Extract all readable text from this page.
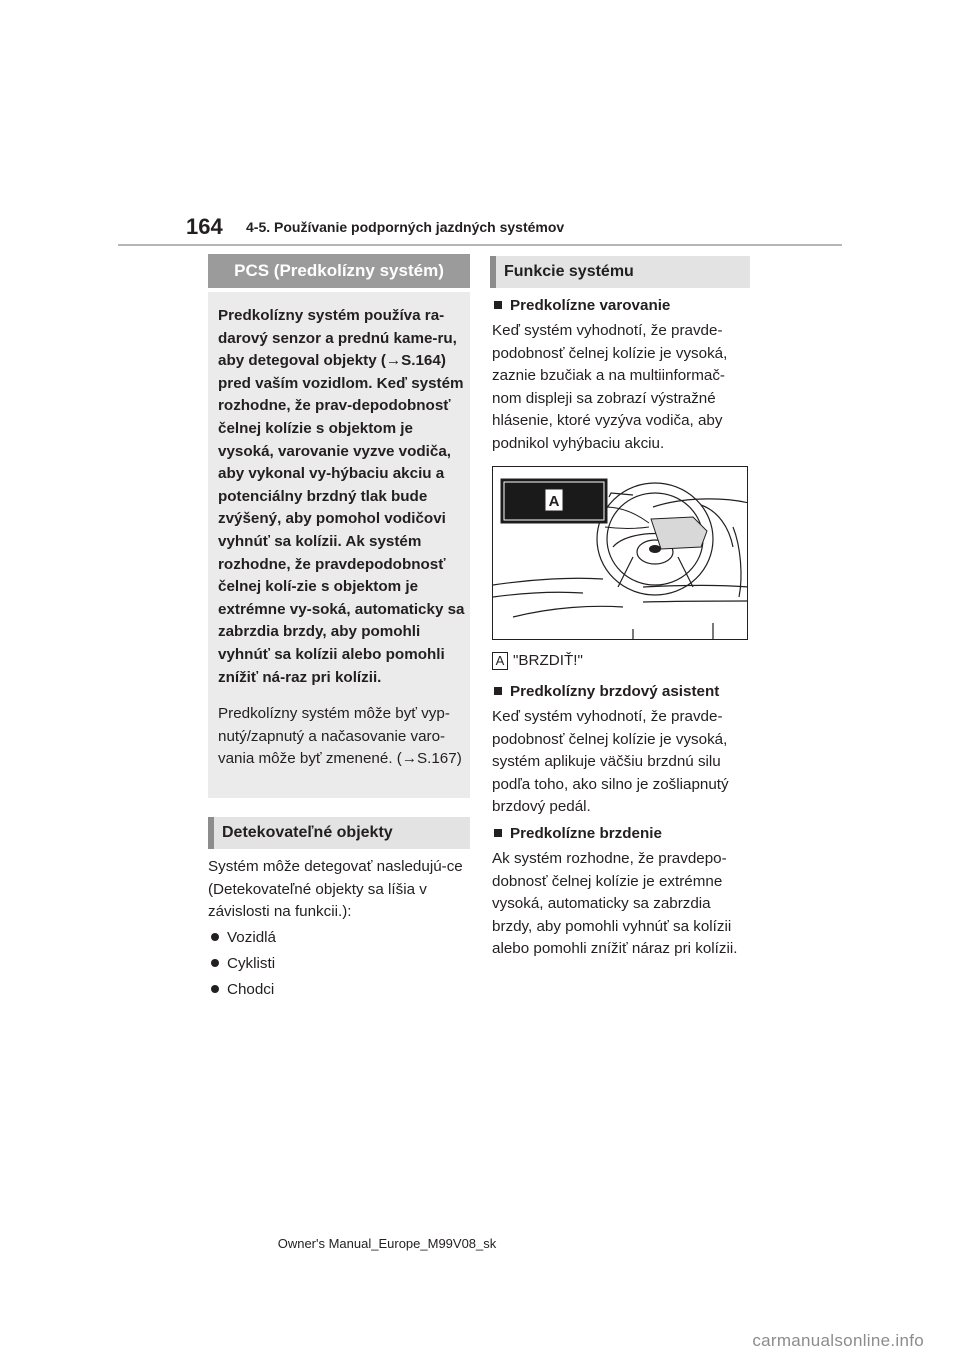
164 4-5. Používanie podporných jazdných systémov
PCS (Predkolízny systém)

Predkolízny systém používa ra-darový senzor a prednú kame-ru, aby detegoval objekty (→S.164) pred vaším vozidlom. Keď systém rozhodne, že prav-depodobnosť čelnej kolízie s objektom je vysoká, varovanie vyzve vodiča, aby vykonal vy-hýbaciu akciu a potenciálny brzdný tlak bude zvýšený, aby pomohol vodičovi vyhnúť sa kolízii. Ak systém rozhodne, že pravdepodobnosť čelnej kolí-zie s objektom je extrémne vy-soká, automaticky sa zabrzdia brzdy, aby pomohli vyhnúť sa kolízii alebo pomohli znížiť ná-raz pri kolízii.

Predkolízny systém môže byť vyp-nutý/zapnutý a načasovanie varo-vania môže byť zmenené. (→S.167)

Detekovateľné objekty

Systém môže detegovať nasledujú-ce (Detekovateľné objekty sa líšia v závislosti na funkcii.):

Vozidlá
Cyklisti
Chodci
Funkcie systému
Predkolízne varovanie

Keď systém vyhodnotí, že pravde-podobnosť čelnej kolízie je vysoká, zaznie bzučiak a na multiinformač-nom displeji sa zobrazí výstražné hlásenie, ktoré vyzýva vodiča, aby podnikol vyhýbaciu akciu.

A
A "BRZDIŤ!"
Predkolízny brzdový asistent

Keď systém vyhodnotí, že pravde-podobnosť čelnej kolízie je vysoká, systém aplikuje väčšiu brzdnú silu podľa toho, ako silno je zošliapnutý brzdový pedál.

Predkolízne brzdenie

Ak systém rozhodne, že pravdepo-dobnosť čelnej kolízie je extrémne vysoká, automaticky sa zabrzdia brzdy, aby pomohli vyhnúť sa kolízii alebo pomohli znížiť náraz pri kolízii.

Owner's Manual_Europe_M99V08_sk
carmanualsonline.info
